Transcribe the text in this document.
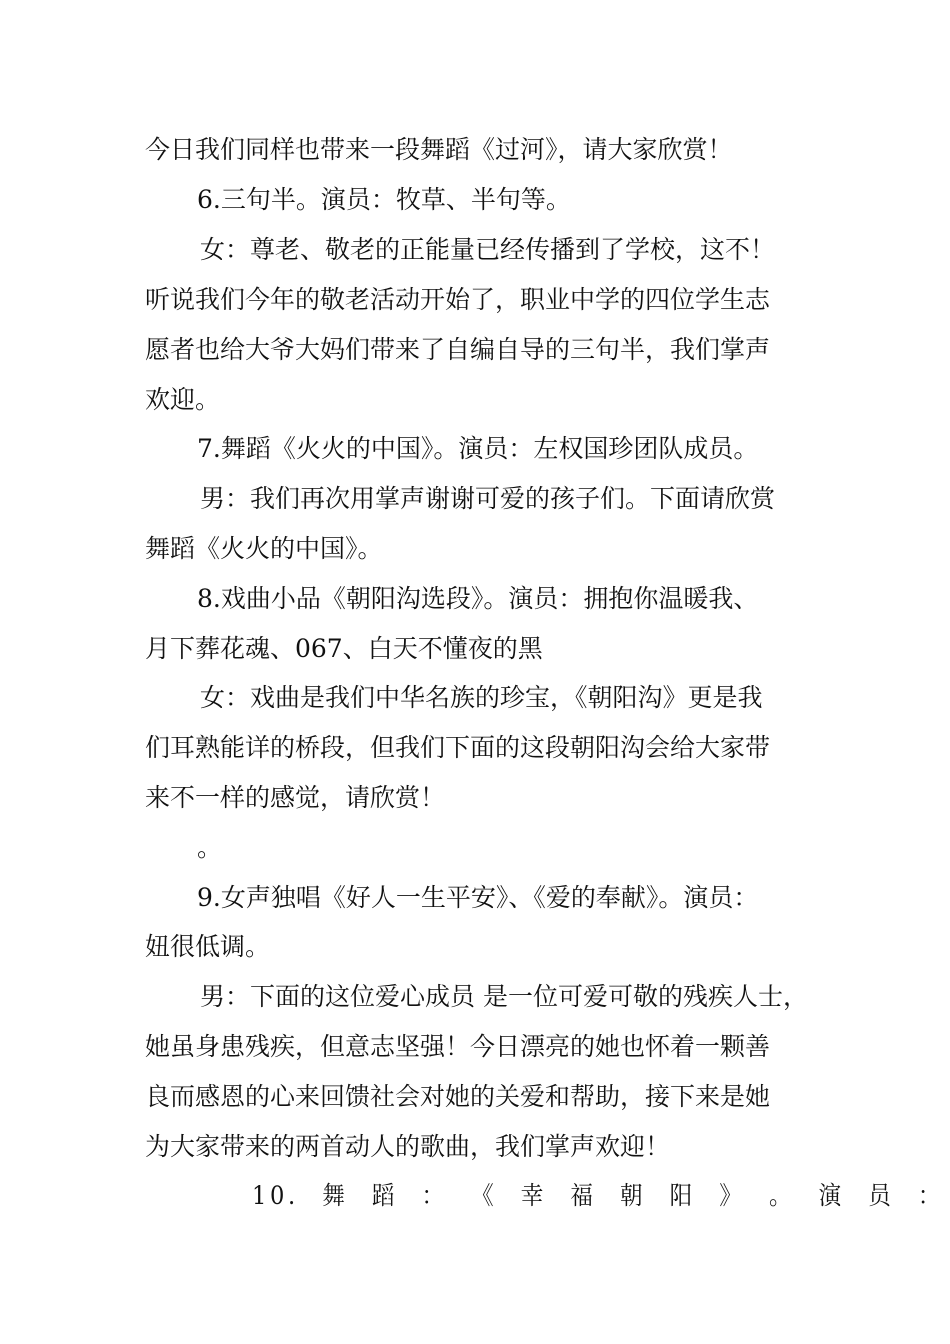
今日我们同样也带来一段舞蹈《过河》，请大家欣赏！
6.三句半。演员：牧草、半句等。
女：尊老、敬老的正能量已经传播到了学校，这不！
听说我们今年的敬老活动开始了，职业中学的四位学生志
愿者也给大爷大妈们带来了自编自导的三句半，我们掌声
欢迎。
7.舞蹈《火火的中国》。演员：左权国珍团队成员。
男：我们再次用掌声谢谢可爱的孩子们。下面请欣赏
舞蹈《火火的中国》。
8.戏曲小品《朝阳沟选段》。演员：拥抱你温暖我、
月下葬花魂、067、白天不懂夜的黑
女：戏曲是我们中华名族的珍宝，《朝阳沟》更是我
们耳熟能详的桥段，但我们下面的这段朝阳沟会给大家带
来不一样的感觉，请欣赏！
。
9.女声独唱《好人一生平安》、《爱的奉献》。演员：
妞很低调。
男：下面的这位爱心成员 是一位可爱可敬的残疾人士，
她虽身患残疾，但意志坚强！今日漂亮的她也怀着一颗善
良而感恩的心来回馈社会对她的关爱和帮助，接下来是她
为大家带来的两首动人的歌曲，我们掌声欢迎！
10. 舞 蹈 ： 《 幸 福 朝 阳 》 。 演 员 ：
